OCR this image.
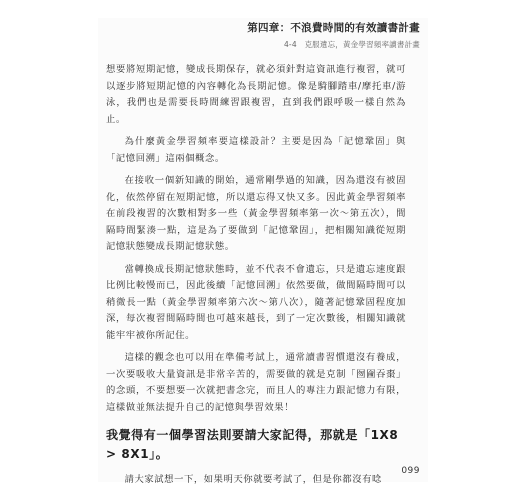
第四章：不浪費時間的有效讀書計畫
4-4　克服遺忘，黃金學習頻率讀書計畫

想要將短期記憶，變成長期保存，就必須針對這資訊進行複習，就可以逐步將短期記憶的內容轉化為長期記憶。像是騎腳踏車/摩托車/游泳，我們也是需要長時間練習跟複習，直到我們跟呼吸一樣自然為止。

為什麼黃金學習頻率要這樣設計？主要是因為「記憶鞏固」與「記憶回溯」這兩個概念。

在接收一個新知識的開始，通常剛學過的知識，因為還沒有被固化，依然停留在短期記憶，所以還忘得又快又多。因此黃金學習頻率在前段複習的次數相對多一些（黃金學習頻率第一次～第五次），間隔時間緊湊一點，這是為了要做到「記憶鞏固」，把相關知識從短期記憶狀態變成長期記憶狀態。

當轉換成長期記憶狀態時，並不代表不會遺忘，只是遺忘速度跟比例比較慢而已，因此後續「記憶回溯」依然要做，做間隔時間可以稍微長一點（黃金學習頻率第六次～第八次），隨著記憶鞏固程度加深，每次複習間隔時間也可越來越長，到了一定次數後，相關知識就能牢牢被你所記住。

這樣的觀念也可以用在準備考試上，通常讀書習慣還沒有養成，一次要吸收大量資訊是非常辛苦的，需要做的就是克制「囫圇吞棗」的念頭，不要想要一次就把書念完，而且人的專注力跟記憶力有限，這樣做並無法提升自己的記憶與學習效果！

我覺得有一個學習法則要請大家記得，那就是「1X8 > 8X1」。

請大家試想一下，如果明天你就要考試了，但是你都沒有唸

099
